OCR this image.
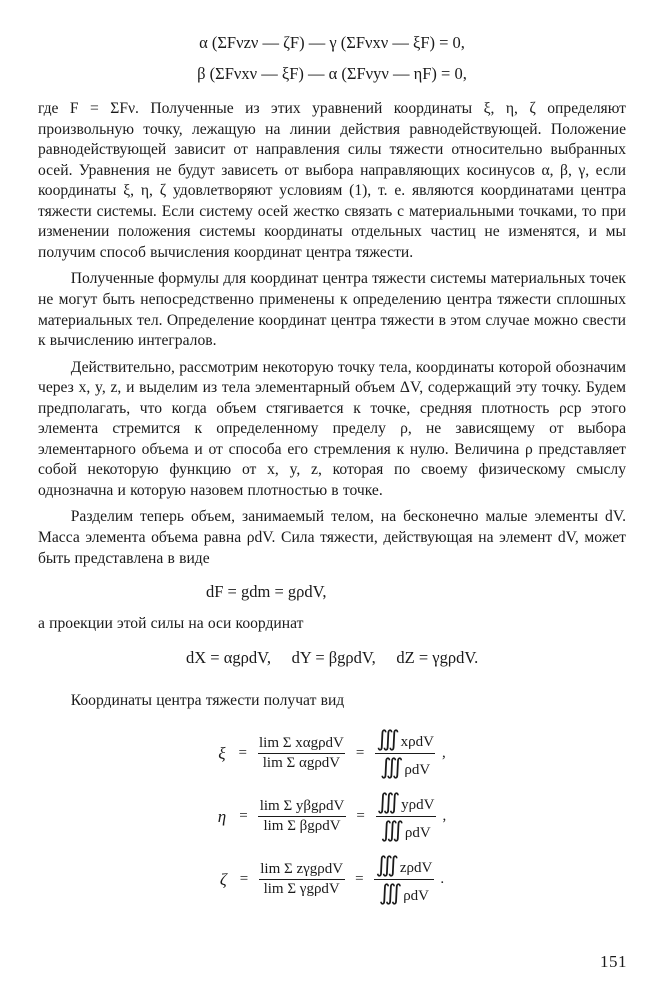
α (ΣFνzν — ζF) — γ (ΣFνxν — ξF) = 0,
β (ΣFνxν — ξF) — α (ΣFνyν — ηF) = 0,

где F = ΣFν. Полученные из этих уравнений координаты ξ, η, ζ определяют произвольную точку, лежащую на линии действия равнодействующей. Положение равнодействующей зависит от направления силы тяжести относительно выбранных осей. Уравнения не будут зависеть от выбора направляющих косинусов α, β, γ, если координаты ξ, η, ζ удовлетворяют условиям (1), т. е. являются координатами центра тяжести системы. Если систему осей жестко связать с материальными точками, то при изменении положения системы координаты отдельных частиц не изменятся, и мы получим способ вычисления координат центра тяжести.

Полученные формулы для координат центра тяжести системы материальных точек не могут быть непосредственно применены к определению центра тяжести сплошных материальных тел. Определение координат центра тяжести в этом случае можно свести к вычислению интегралов.

Действительно, рассмотрим некоторую точку тела, координаты которой обозначим через x, y, z, и выделим из тела элементарный объем ΔV, содержащий эту точку. Будем предполагать, что когда объем стягивается к точке, средняя плотность ρср этого элемента стремится к определенному пределу ρ, не зависящему от выбора элементарного объема и от способа его стремления к нулю. Величина ρ представляет собой некоторую функцию от x, y, z, которая по своему физическому смыслу однозначна и которую назовем плотностью в точке.

Разделим теперь объем, занимаемый телом, на бесконечно малые элементы dV. Масса элемента объема равна ρdV. Сила тяжести, действующая на элемент dV, может быть представлена в виде

dF = gdm = gρdV,

а проекции этой силы на оси координат

dX = αgρdV,  dY = βgρdV,  dZ = γgρdV.

Координаты центра тяжести получат вид

$\xi = \frac{\text{lim Σ xαgρdV}}{\text{lim Σ αgρdV}} = \frac{\text{∭ xρdV}}{\text{∭ ρdV}}$ ,
$\eta = \frac{\text{lim Σ yβgρdV}}{\text{lim Σ βgρdV}} = \frac{\text{∭ yρdV}}{\text{∭ ρdV}}$ ,
$\zeta = \frac{\text{lim Σ zγgρdV}}{\text{lim Σ γgρdV}} = \frac{\text{∭ zρdV}}{\text{∭ ρdV}}$ .
151
